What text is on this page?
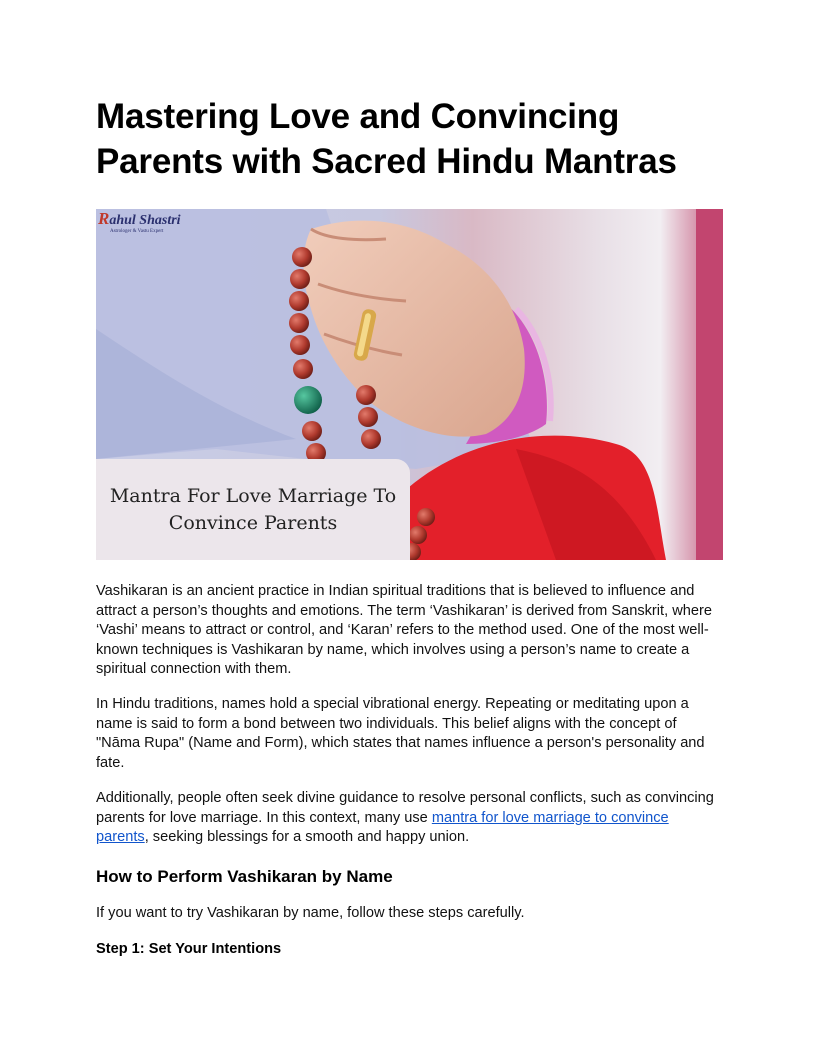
Mastering Love and Convincing Parents with Sacred Hindu Mantras
Rahul Shastri
Astrologer & Vastu Expert
Mantra For Love Marriage To Convince Parents

Vashikaran is an ancient practice in Indian spiritual traditions that is believed to influence and attract a person’s thoughts and emotions. The term ‘Vashikaran’ is derived from Sanskrit, where ‘Vashi’ means to attract or control, and ‘Karan’ refers to the method used. One of the most well-known techniques is Vashikaran by name, which involves using a person’s name to create a spiritual connection with them.

In Hindu traditions, names hold a special vibrational energy. Repeating or meditating upon a name is said to form a bond between two individuals. This belief aligns with the concept of "Nāma Rupa" (Name and Form), which states that names influence a person's personality and fate.

Additionally, people often seek divine guidance to resolve personal conflicts, such as convincing parents for love marriage. In this context, many use mantra for love marriage to convince parents, seeking blessings for a smooth and happy union.

How to Perform Vashikaran by Name

If you want to try Vashikaran by name, follow these steps carefully.

Step 1: Set Your Intentions
